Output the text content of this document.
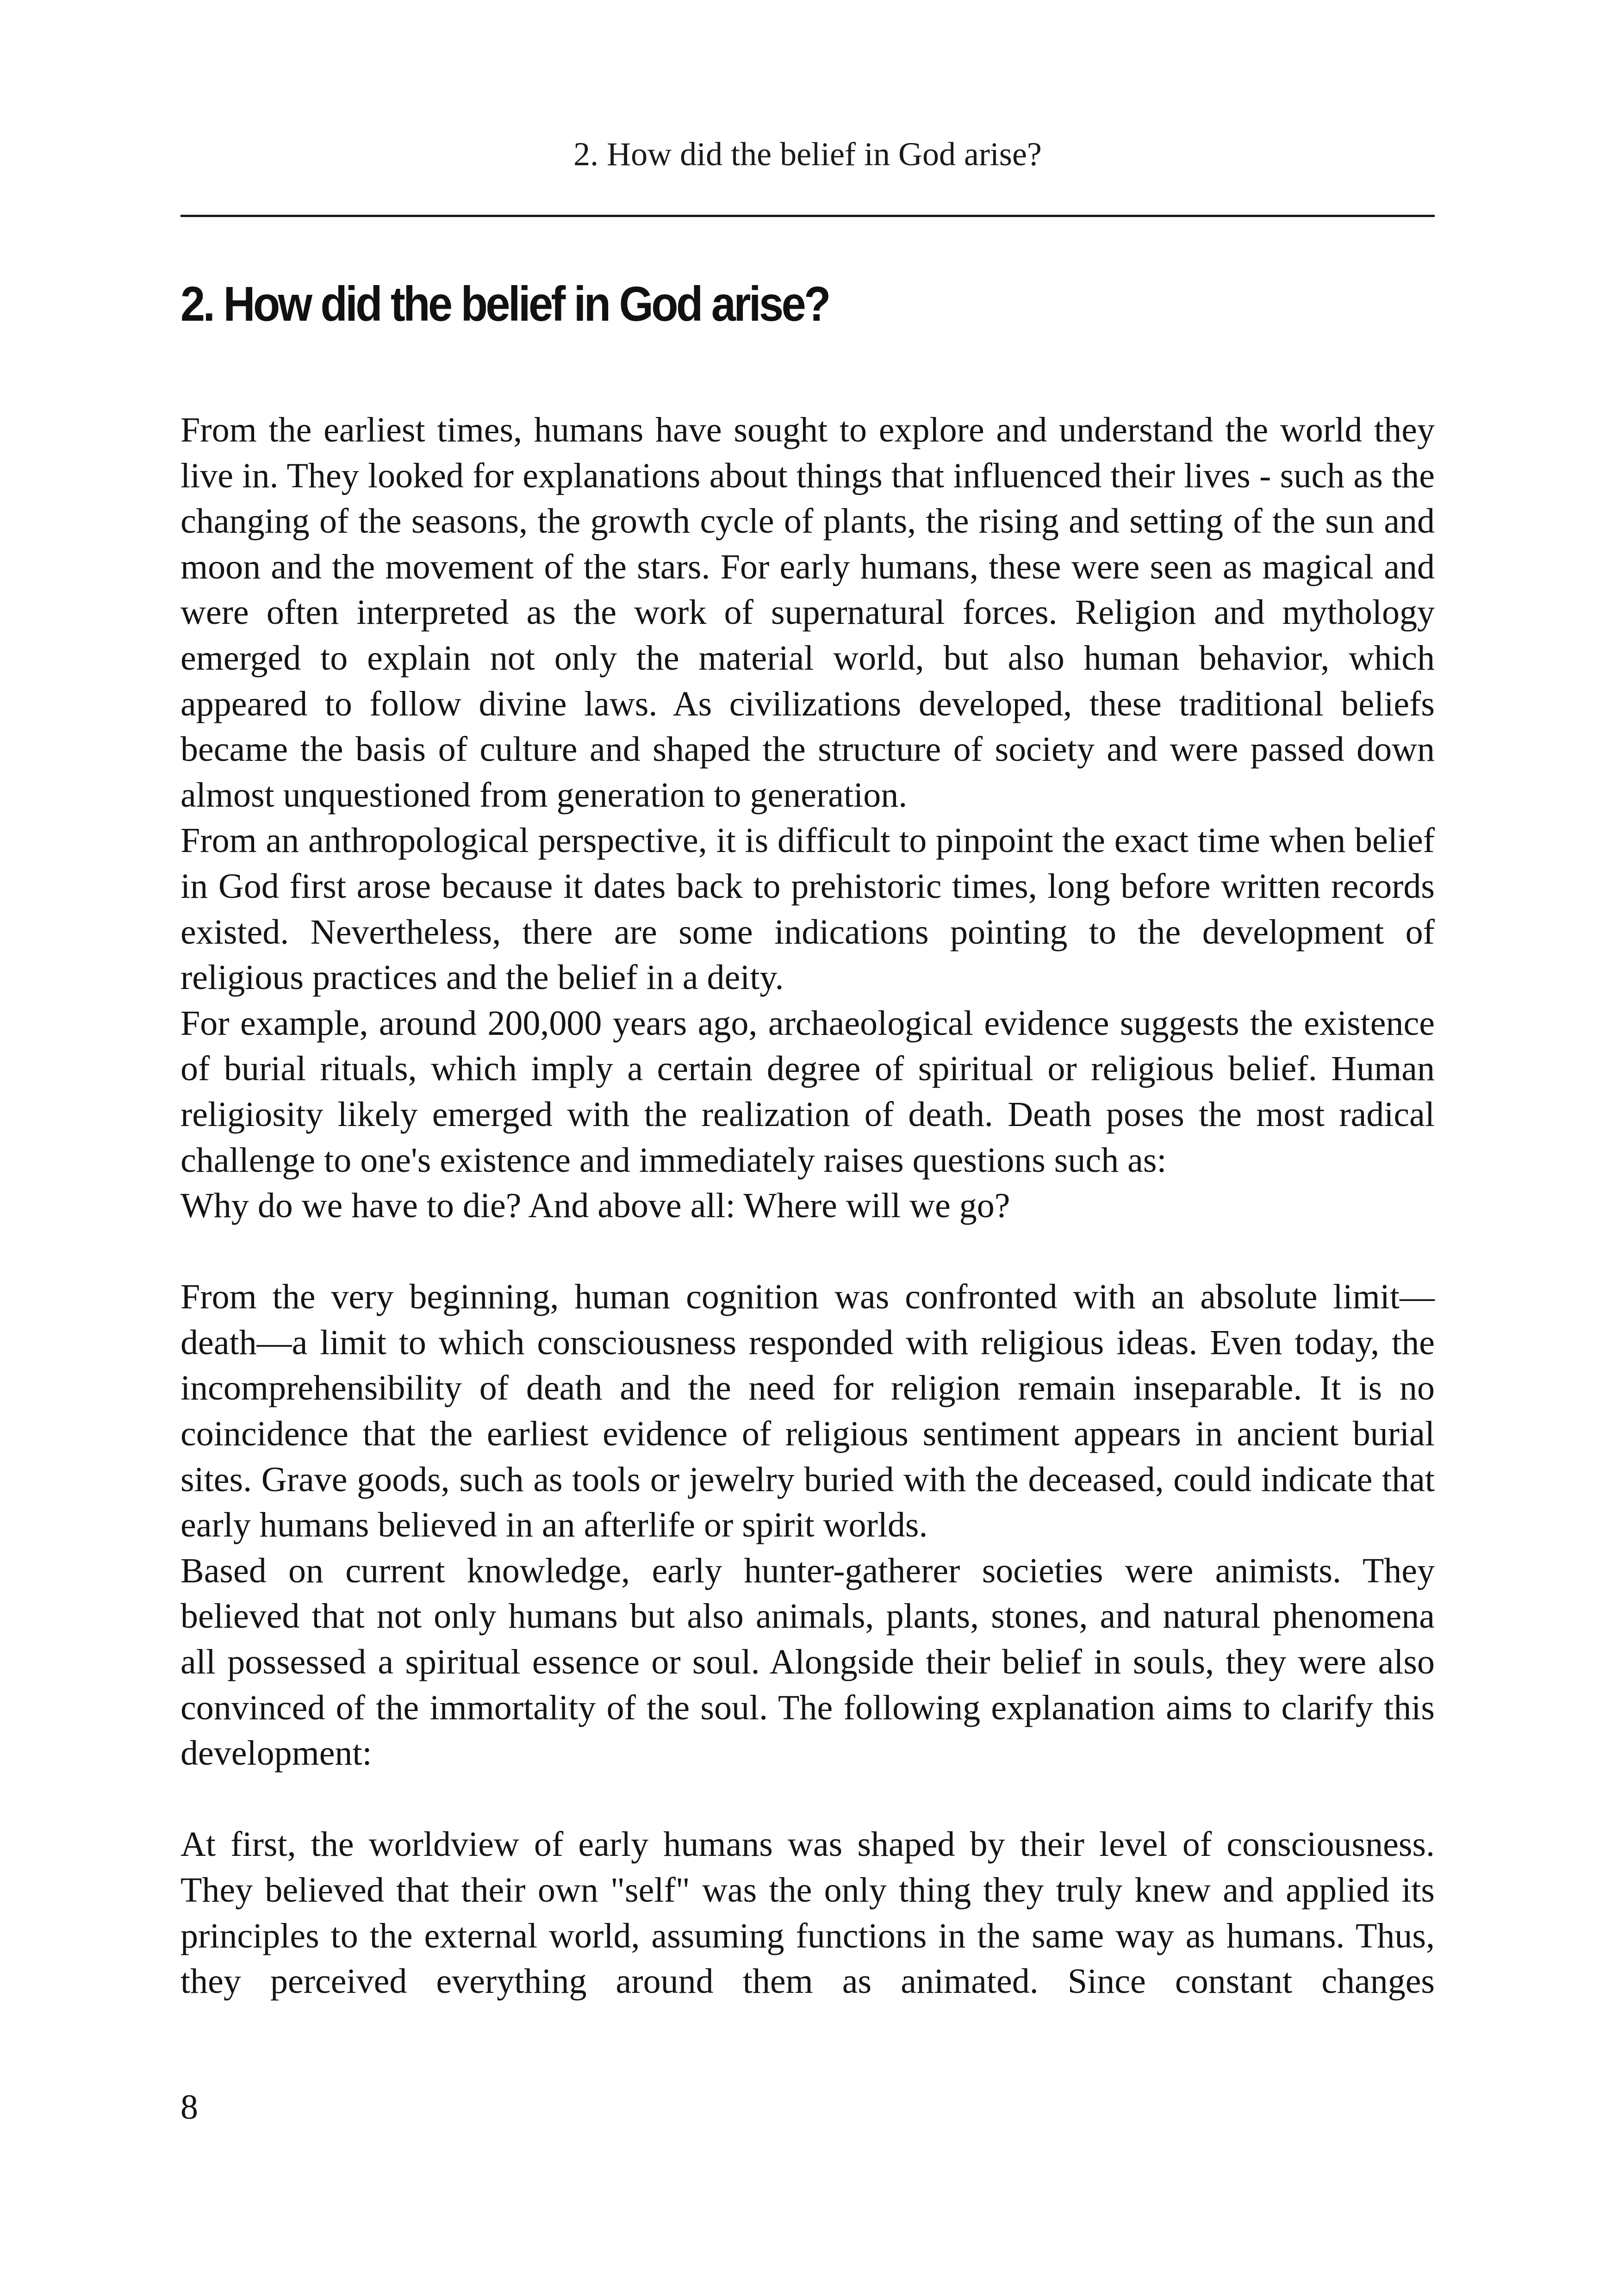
2. How did the belief in God arise?
2. How did the belief in God arise?

From the earliest times, humans have sought to explore and understand the world they live in. They looked for explanations about things that influenced their lives - such as the changing of the seasons, the growth cycle of plants, the rising and setting of the sun and moon and the movement of the stars. For early humans, these were seen as magical and were often interpreted as the work of supernatural forces. Religion and mythology emerged to explain not only the material world, but also human behavior, which appeared to follow divine laws. As civilizations developed, these traditional beliefs became the basis of culture and shaped the structure of society and were passed down almost unquestioned from generation to generation.

From an anthropological perspective, it is difficult to pinpoint the exact time when belief in God first arose because it dates back to prehistoric times, long before written records existed. Nevertheless, there are some indications pointing to the development of religious practices and the belief in a deity.

For example, around 200,000 years ago, archaeological evidence suggests the existence of burial rituals, which imply a certain degree of spiritual or religious belief. Human religiosity likely emerged with the realization of death. Death poses the most radical challenge to one's existence and immediately raises questions such as:

Why do we have to die? And above all: Where will we go?

From the very beginning, human cognition was confronted with an absolute limit—death—a limit to which consciousness responded with religious ideas. Even today, the incomprehensibility of death and the need for religion remain inseparable. It is no coincidence that the earliest evidence of religious sentiment appears in ancient burial sites. Grave goods, such as tools or jewelry buried with the deceased, could indicate that early humans believed in an afterlife or spirit worlds.

Based on current knowledge, early hunter-gatherer societies were animists. They believed that not only humans but also animals, plants, stones, and natural phenomena all possessed a spiritual essence or soul. Alongside their belief in souls, they were also convinced of the immortality of the soul. The following explanation aims to clarify this development:

At first, the worldview of early humans was shaped by their level of consciousness. They believed that their own "self" was the only thing they truly knew and applied its principles to the external world, assuming functions in the same way as humans. Thus, they perceived everything around them as animated. Since constant changes

8
